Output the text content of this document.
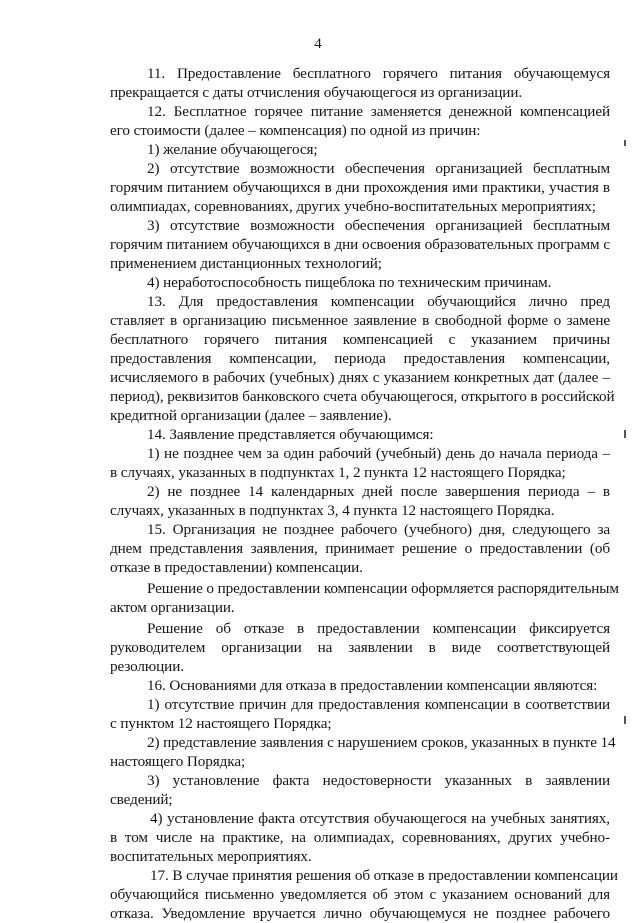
4
11. Предоставление бесплатного горячего питания обучающемуся
прекращается с даты отчисления обучающегося из организации.
12. Бесплатное горячее питание заменяется денежной компенсацией
его стоимости (далее – компенсация) по одной из причин:
1) желание обучающегося;
2) отсутствие возможности обеспечения организацией бесплатным
горячим питанием обучающихся в дни прохождения ими практики, участия в
олимпиадах, соревнованиях, других учебно-воспитательных мероприятиях;
3) отсутствие возможности обеспечения организацией бесплатным
горячим питанием обучающихся в дни освоения образовательных программ с
применением дистанционных технологий;
4) неработоспособность пищеблока по техническим причинам.
13. Для предоставления компенсации обучающийся лично пред
ставляет в организацию письменное заявление в свободной форме о замене
бесплатного горячего питания компенсацией с указанием причины
предоставления компенсации, периода предоставления компенсации,
исчисляемого в рабочих (учебных) днях с указанием конкретных дат (далее –
период), реквизитов банковского счета обучающегося, открытого в российской
кредитной организации (далее – заявление).
14. Заявление представляется обучающимся:
1) не позднее чем за один рабочий (учебный) день до начала периода –
в случаях, указанных в подпунктах 1, 2 пункта 12 настоящего Порядка;
2) не позднее 14 календарных дней после завершения периода – в
случаях, указанных в подпунктах 3, 4 пункта 12 настоящего Порядка.
15. Организация не позднее рабочего (учебного) дня, следующего за
днем представления заявления, принимает решение о предоставлении (об
отказе в предоставлении) компенсации.
Решение о предоставлении компенсации оформляется распорядительным
актом организации.
Решение об отказе в предоставлении компенсации фиксируется
руководителем организации на заявлении в виде соответствующей
резолюции.
16. Основаниями для отказа в предоставлении компенсации являются:
1) отсутствие причин для предоставления компенсации в соответствии
с пунктом 12 настоящего Порядка;
2) представление заявления с нарушением сроков, указанных в пункте 14
настоящего Порядка;
3) установление факта недостоверности указанных в заявлении
сведений;
4) установление факта отсутствия обучающегося на учебных занятиях,
в том числе на практике, на олимпиадах, соревнованиях, других учебно-
воспитательных мероприятиях.
17. В случае принятия решения об отказе в предоставлении компенсации
обучающийся письменно уведомляется об этом с указанием оснований для
отказа. Уведомление вручается лично обучающемуся не позднее рабочего
